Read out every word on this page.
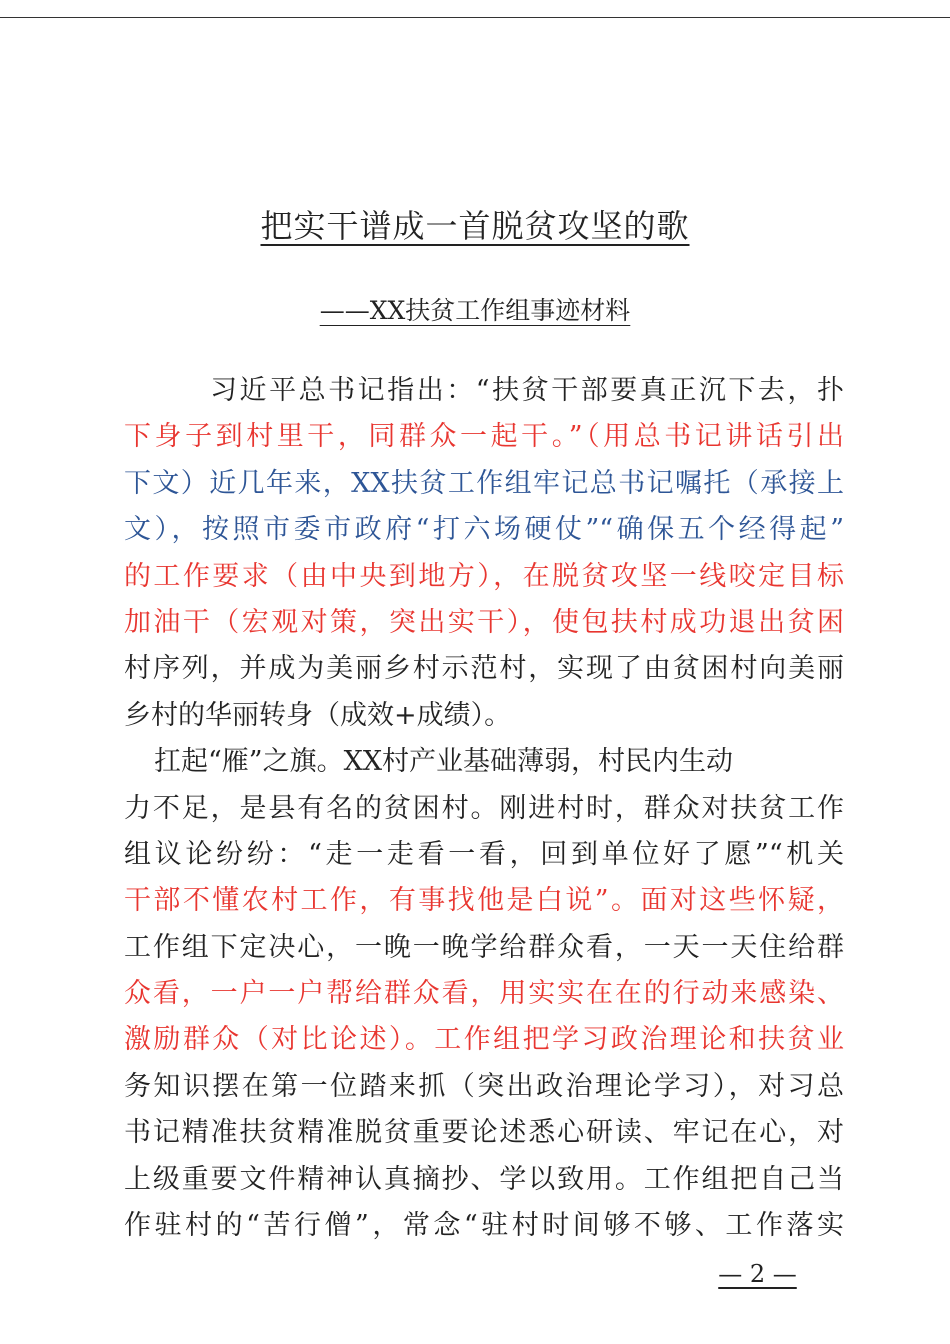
把实干谱成一首脱贫攻坚的歌
——XX扶贫工作组事迹材料
习近平总书记指出：“扶贫干部要真正沉下去，扑
下身子到村里干，同群众一起干。”（用总书记讲话引出
下文）近几年来，XX扶贫工作组牢记总书记嘱托（承接上
文），按照市委市政府“打六场硬仗”“确保五个经得起”
的工作要求（由中央到地方），在脱贫攻坚一线咬定目标
加油干（宏观对策，突出实干），使包扶村成功退出贫困
村序列，并成为美丽乡村示范村，实现了由贫困村向美丽
乡村的华丽转身（成效+成绩）。
扛起“雁”之旗。XX村产业基础薄弱，村民内生动
力不足，是县有名的贫困村。刚进村时，群众对扶贫工作
组议论纷纷：“走一走看一看，回到单位好了愿”“机关
干部不懂农村工作，有事找他是白说”。面对这些怀疑，
工作组下定决心，一晚一晚学给群众看，一天一天住给群
众看，一户一户帮给群众看，用实实在在的行动来感染、
激励群众（对比论述）。工作组把学习政治理论和扶贫业
务知识摆在第一位踏来抓（突出政治理论学习），对习总
书记精准扶贫精准脱贫重要论述悉心研读、牢记在心，对
上级重要文件精神认真摘抄、学以致用。工作组把自己当
作驻村的“苦行僧”，常念“驻村时间够不够、工作落实
— 2 —
